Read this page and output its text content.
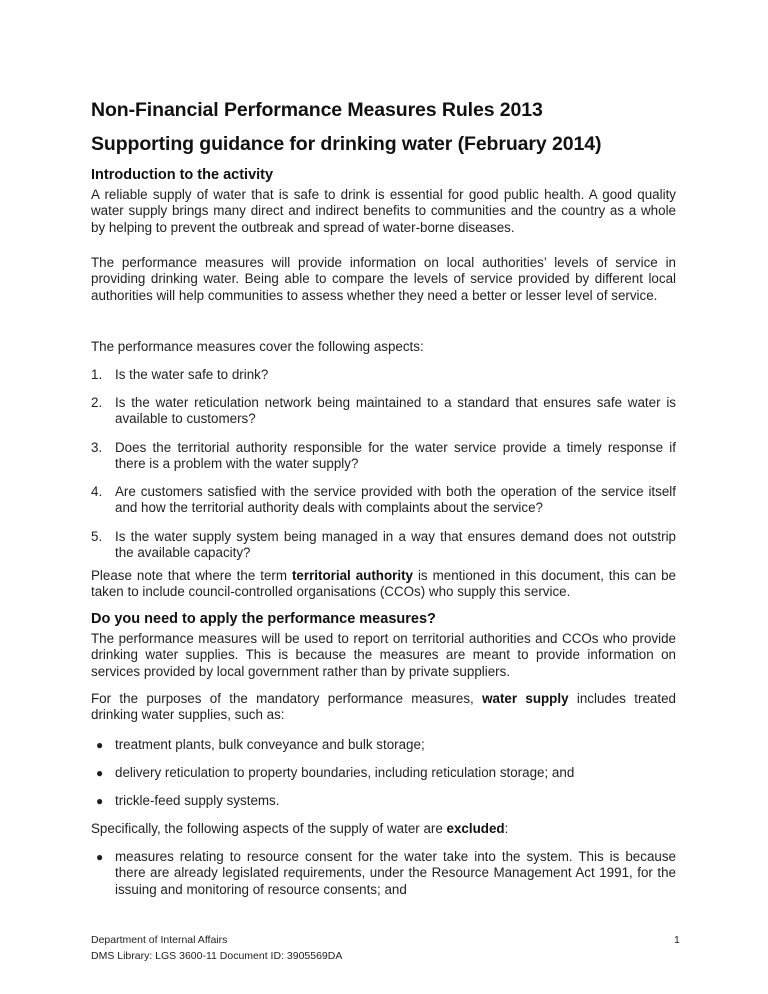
Non-Financial Performance Measures Rules 2013
Supporting guidance for drinking water (February 2014)
Introduction to the activity
A reliable supply of water that is safe to drink is essential for good public health. A good quality water supply brings many direct and indirect benefits to communities and the country as a whole by helping to prevent the outbreak and spread of water-borne diseases.
The performance measures will provide information on local authorities’ levels of service in providing drinking water. Being able to compare the levels of service provided by different local authorities will help communities to assess whether they need a better or lesser level of service.
The performance measures cover the following aspects:
1. Is the water safe to drink?
2. Is the water reticulation network being maintained to a standard that ensures safe water is available to customers?
3. Does the territorial authority responsible for the water service provide a timely response if there is a problem with the water supply?
4. Are customers satisfied with the service provided with both the operation of the service itself and how the territorial authority deals with complaints about the service?
5. Is the water supply system being managed in a way that ensures demand does not outstrip the available capacity?
Please note that where the term territorial authority is mentioned in this document, this can be taken to include council-controlled organisations (CCOs) who supply this service.
Do you need to apply the performance measures?
The performance measures will be used to report on territorial authorities and CCOs who provide drinking water supplies. This is because the measures are meant to provide information on services provided by local government rather than by private suppliers.
For the purposes of the mandatory performance measures, water supply includes treated drinking water supplies, such as:
● treatment plants, bulk conveyance and bulk storage;
● delivery reticulation to property boundaries, including reticulation storage; and
● trickle-feed supply systems.
Specifically, the following aspects of the supply of water are excluded:
● measures relating to resource consent for the water take into the system. This is because there are already legislated requirements, under the Resource Management Act 1991, for the issuing and monitoring of resource consents; and
Department of Internal Affairs
DMS Library: LGS 3600-11 Document ID: 3905569DA
1
